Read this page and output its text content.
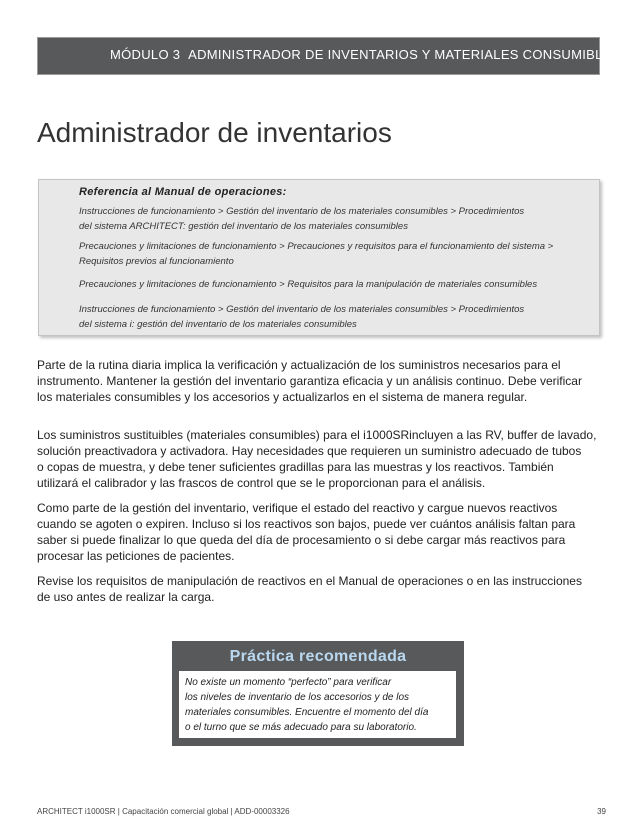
MÓDULO 3 ADMINISTRADOR DE INVENTARIOS Y MATERIALES CONSUMIBLES
Administrador de inventarios
Referencia al Manual de operaciones:
Instrucciones de funcionamiento > Gestión del inventario de los materiales consumibles > Procedimientos
del sistema ARCHITECT: gestión del inventario de los materiales consumibles
Precauciones y limitaciones de funcionamiento > Precauciones y requisitos para el funcionamiento del sistema >
Requisitos previos al funcionamiento
Precauciones y limitaciones de funcionamiento > Requisitos para la manipulación de materiales consumibles
Instrucciones de funcionamiento > Gestión del inventario de los materiales consumibles > Procedimientos
del sistema i: gestión del inventario de los materiales consumibles

Parte de la rutina diaria implica la verificación y actualización de los suministros necesarios para el
instrumento. Mantener la gestión del inventario garantiza eficacia y un análisis continuo. Debe verificar
los materiales consumibles y los accesorios y actualizarlos en el sistema de manera regular.

Los suministros sustituibles (materiales consumibles) para el i1000SRincluyen a las RV, buffer de lavado,
solución preactivadora y activadora. Hay necesidades que requieren un suministro adecuado de tubos
o copas de muestra, y debe tener suficientes gradillas para las muestras y los reactivos. También
utilizará el calibrador y las frascos de control que se le proporcionan para el análisis.

Como parte de la gestión del inventario, verifique el estado del reactivo y cargue nuevos reactivos
cuando se agoten o expiren. Incluso si los reactivos son bajos, puede ver cuántos análisis faltan para
saber si puede finalizar lo que queda del día de procesamiento o si debe cargar más reactivos para
procesar las peticiones de pacientes.

Revise los requisitos de manipulación de reactivos en el Manual de operaciones o en las instrucciones
de uso antes de realizar la carga.

Práctica recomendada
No existe un momento “perfecto” para verificar
los niveles de inventario de los accesorios y de los
materiales consumibles. Encuentre el momento del día
o el turno que se más adecuado para su laboratorio.
ARCHITECT i1000SR | Capacitación comercial global | ADD-00003326	39
